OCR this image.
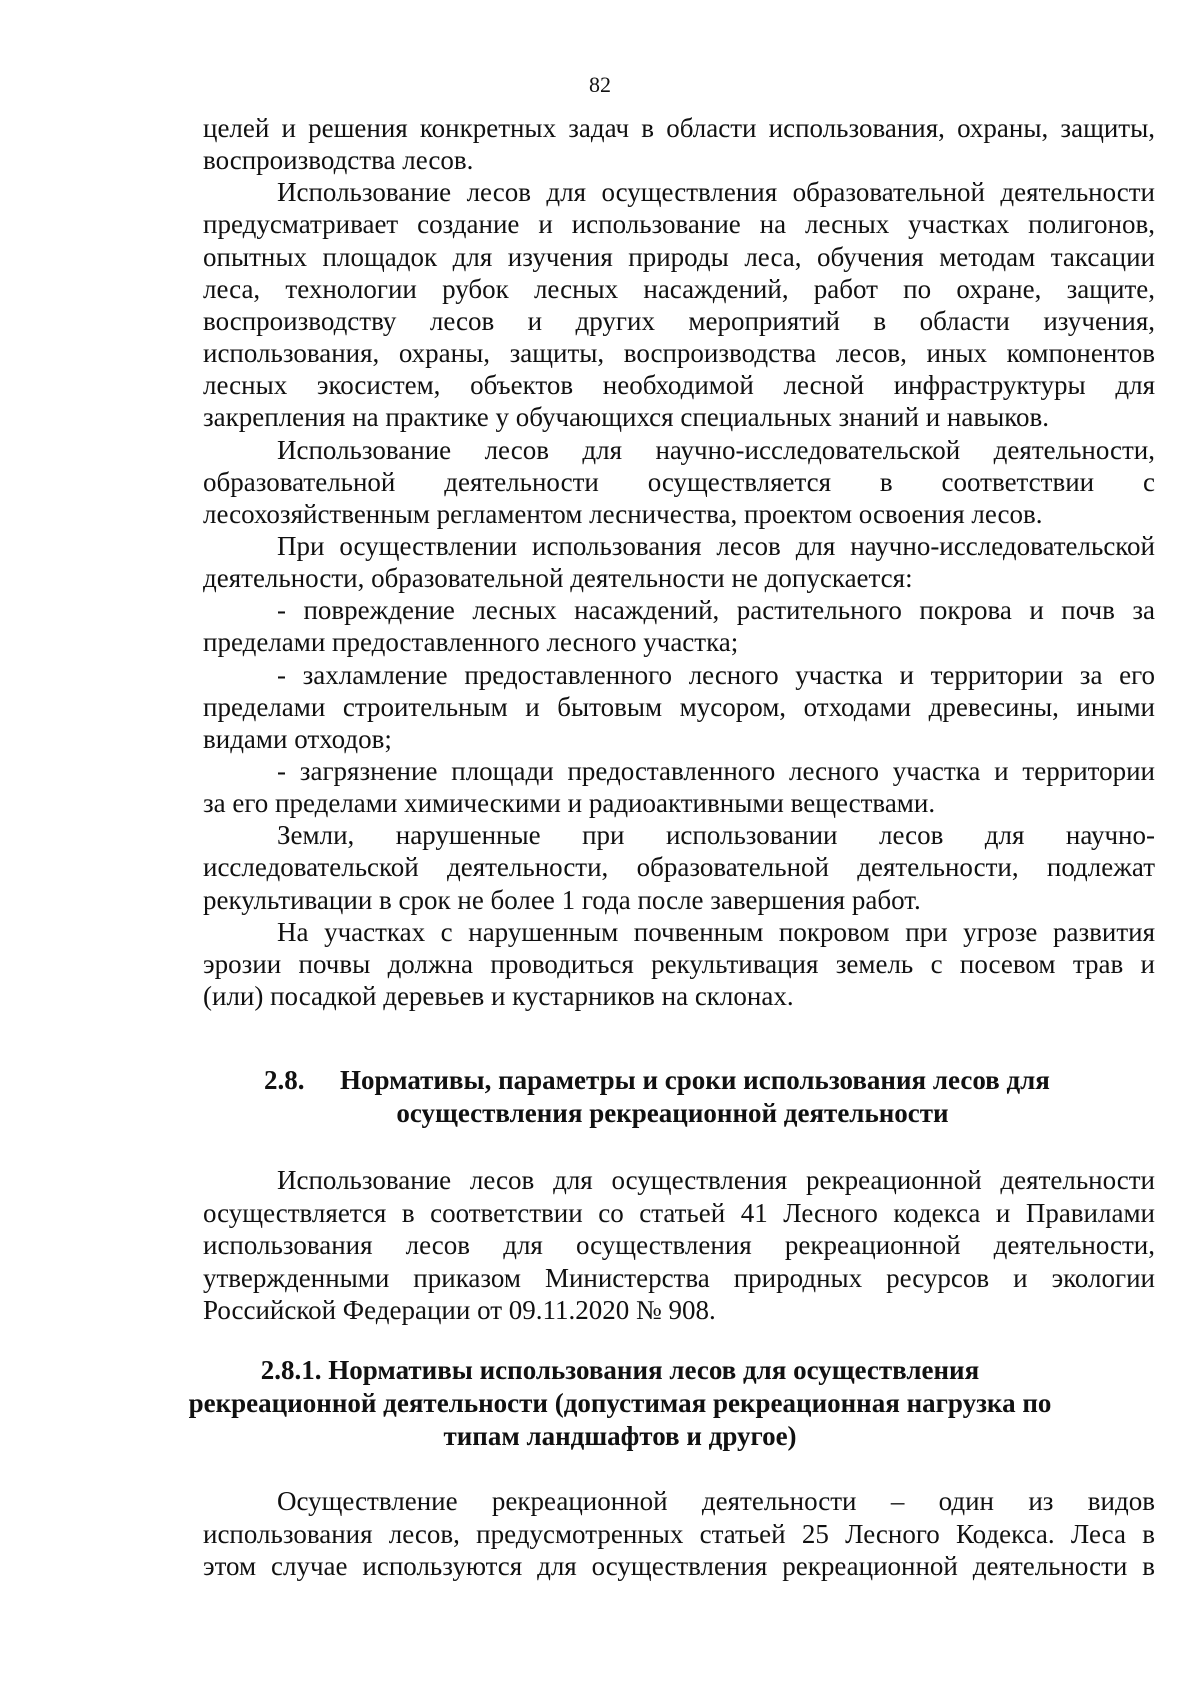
82
целей и решения конкретных задач в области использования, охраны, защиты,
воспроизводства лесов.
Использование лесов для осуществления образовательной деятельности
предусматривает создание и использование на лесных участках полигонов,
опытных площадок для изучения природы леса, обучения методам таксации
леса, технологии рубок лесных насаждений, работ по охране, защите,
воспроизводству лесов и других мероприятий в области изучения,
использования, охраны, защиты, воспроизводства лесов, иных компонентов
лесных экосистем, объектов необходимой лесной инфраструктуры для
закрепления на практике у обучающихся специальных знаний и навыков.
Использование лесов для научно-исследовательской деятельности,
образовательной деятельности осуществляется в соответствии с
лесохозяйственным регламентом лесничества, проектом освоения лесов.
При осуществлении использования лесов для научно-исследовательской
деятельности, образовательной деятельности не допускается:
- повреждение лесных насаждений, растительного покрова и почв за
пределами предоставленного лесного участка;
- захламление предоставленного лесного участка и территории за его
пределами строительным и бытовым мусором, отходами древесины, иными
видами отходов;
- загрязнение площади предоставленного лесного участка и территории
за его пределами химическими и радиоактивными веществами.
Земли, нарушенные при использовании лесов для научно-
исследовательской деятельности, образовательной деятельности, подлежат
рекультивации в срок не более 1 года после завершения работ.
На участках с нарушенным почвенным покровом при угрозе развития
эрозии почвы должна проводиться рекультивация земель с посевом трав и
(или) посадкой деревьев и кустарников на склонах.
2.8. Нормативы, параметры и сроки использования лесов для
осуществления рекреационной деятельности
Использование лесов для осуществления рекреационной деятельности
осуществляется в соответствии со статьей 41 Лесного кодекса и Правилами
использования лесов для осуществления рекреационной деятельности,
утвержденными приказом Министерства природных ресурсов и экологии
Российской Федерации от 09.11.2020 № 908.
2.8.1. Нормативы использования лесов для осуществления
рекреационной деятельности (допустимая рекреационная нагрузка по
типам ландшафтов и другое)
Осуществление рекреационной деятельности – один из видов
использования лесов, предусмотренных статьей 25 Лесного Кодекса. Леса в
этом случае используются для осуществления рекреационной деятельности в
